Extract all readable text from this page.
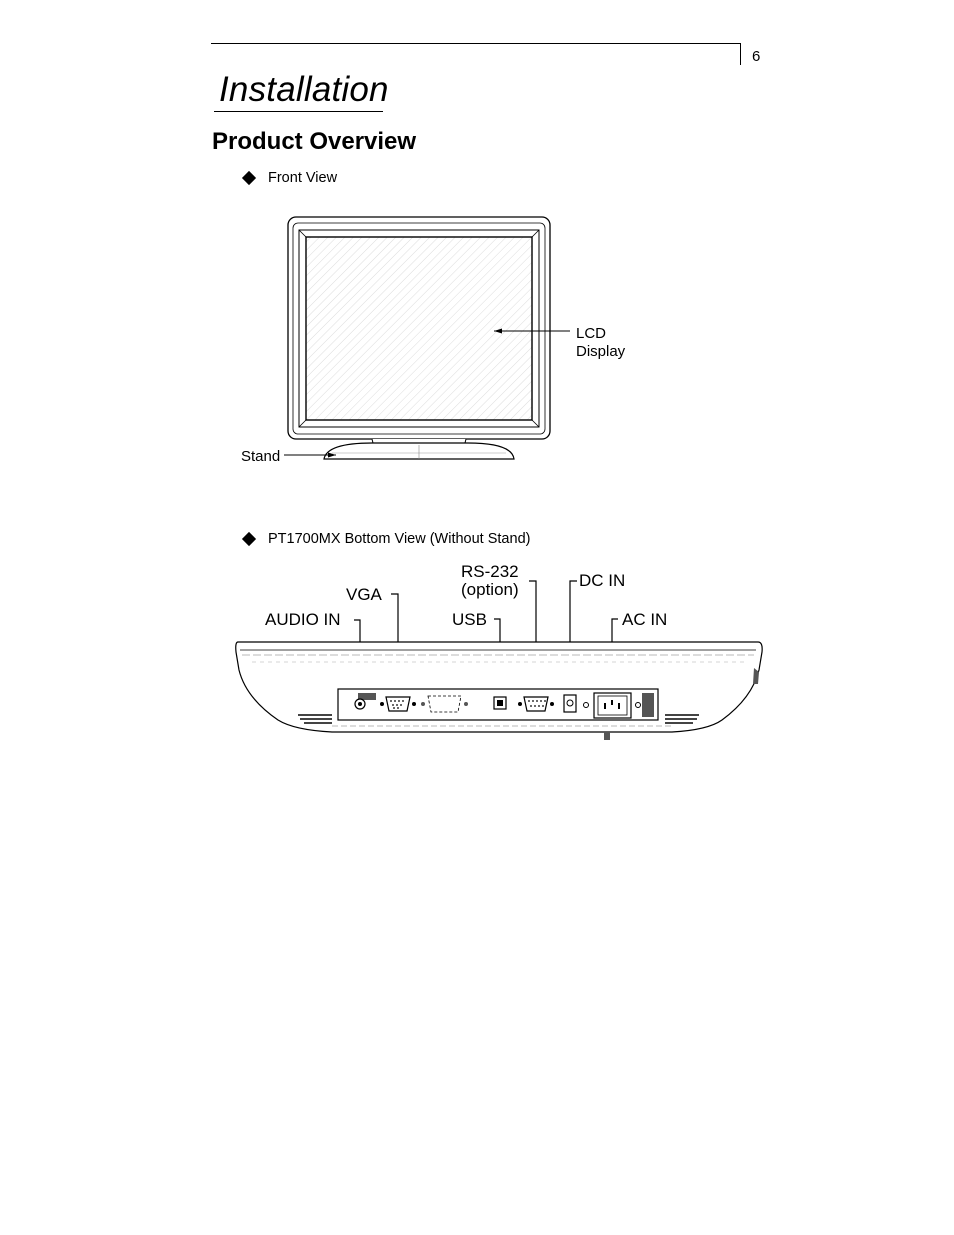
6
Installation
Product Overview
Front View
LCD
Display
Stand
PT1700MX Bottom View (Without Stand)
VGA
AUDIO IN
RS-232
(option)
USB
DC IN
AC IN
